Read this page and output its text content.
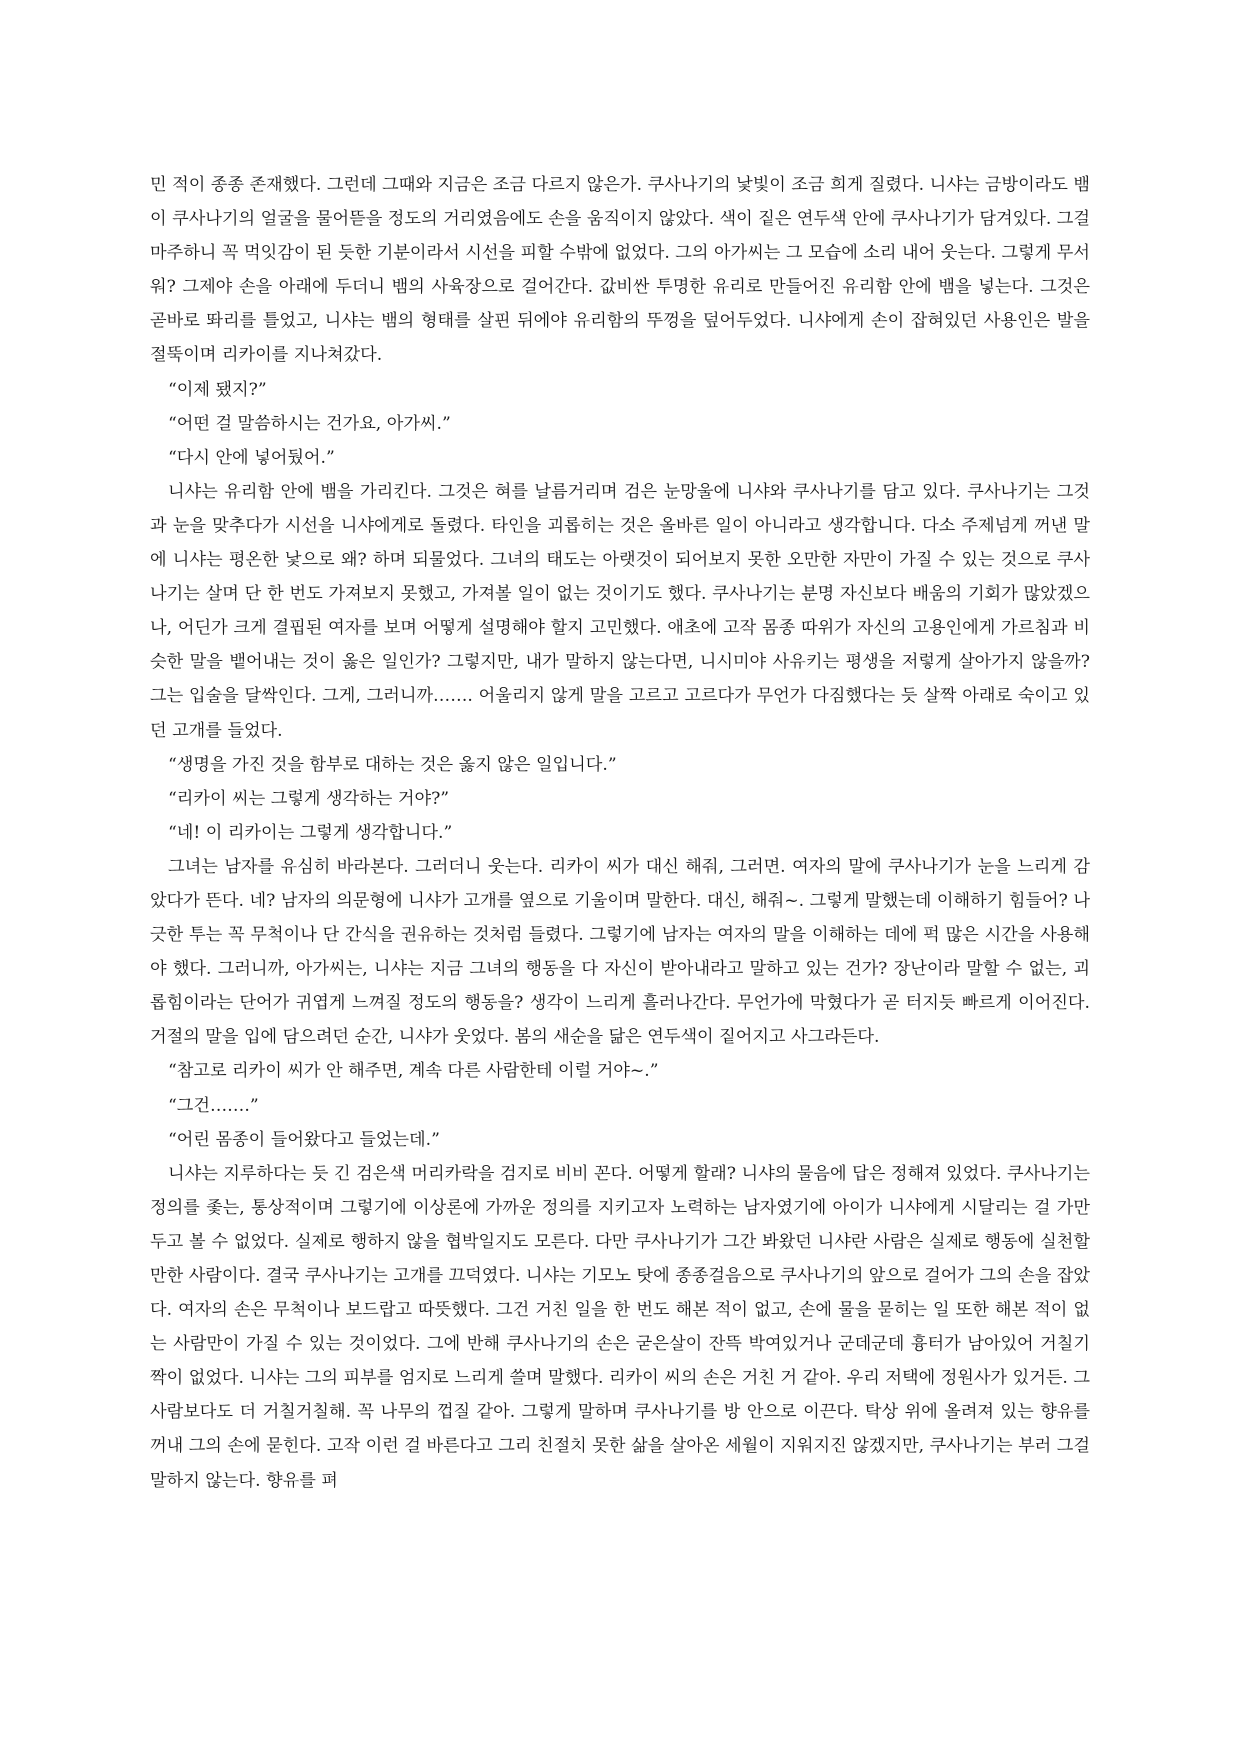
민 적이 종종 존재했다. 그런데 그때와 지금은 조금 다르지 않은가. 쿠사나기의 낯빛이 조금 희게 질렸다. 니샤는 금방이라도 뱀이 쿠사나기의 얼굴을 물어뜯을 정도의 거리였음에도 손을 움직이지 않았다. 색이 짙은 연두색 안에 쿠사나기가 담겨있다. 그걸 마주하니 꼭 먹잇감이 된 듯한 기분이라서 시선을 피할 수밖에 없었다. 그의 아가씨는 그 모습에 소리 내어 웃는다. 그렇게 무서워? 그제야 손을 아래에 두더니 뱀의 사육장으로 걸어간다. 값비싼 투명한 유리로 만들어진 유리함 안에 뱀을 넣는다. 그것은 곧바로 똬리를 틀었고, 니샤는 뱀의 형태를 살핀 뒤에야 유리함의 뚜껑을 덮어두었다. 니샤에게 손이 잡혀있던 사용인은 발을 절뚝이며 리카이를 지나쳐갔다.

“이제 됐지?”

“어떤 걸 말씀하시는 건가요, 아가씨.”

“다시 안에 넣어뒀어.”

니샤는 유리함 안에 뱀을 가리킨다. 그것은 혀를 날름거리며 검은 눈망울에 니샤와 쿠사나기를 담고 있다. 쿠사나기는 그것과 눈을 맞추다가 시선을 니샤에게로 돌렸다. 타인을 괴롭히는 것은 올바른 일이 아니라고 생각합니다. 다소 주제넘게 꺼낸 말에 니샤는 평온한 낯으로 왜? 하며 되물었다. 그녀의 태도는 아랫것이 되어보지 못한 오만한 자만이 가질 수 있는 것으로 쿠사나기는 살며 단 한 번도 가져보지 못했고, 가져볼 일이 없는 것이기도 했다. 쿠사나기는 분명 자신보다 배움의 기회가 많았겠으나, 어딘가 크게 결핍된 여자를 보며 어떻게 설명해야 할지 고민했다. 애초에 고작 몸종 따위가 자신의 고용인에게 가르침과 비슷한 말을 뱉어내는 것이 옳은 일인가? 그렇지만, 내가 말하지 않는다면, 니시미야 사유키는 평생을 저렇게 살아가지 않을까? 그는 입술을 달싹인다. 그게, 그러니까……. 어울리지 않게 말을 고르고 고르다가 무언가 다짐했다는 듯 살짝 아래로 숙이고 있던 고개를 들었다.

“생명을 가진 것을 함부로 대하는 것은 옳지 않은 일입니다.”

“리카이 씨는 그렇게 생각하는 거야?”

“네! 이 리카이는 그렇게 생각합니다.”

그녀는 남자를 유심히 바라본다. 그러더니 웃는다. 리카이 씨가 대신 해줘, 그러면. 여자의 말에 쿠사나기가 눈을 느리게 감았다가 뜬다. 네? 남자의 의문형에 니샤가 고개를 옆으로 기울이며 말한다. 대신, 해줘~. 그렇게 말했는데 이해하기 힘들어? 나긋한 투는 꼭 무척이나 단 간식을 권유하는 것처럼 들렸다. 그렇기에 남자는 여자의 말을 이해하는 데에 퍽 많은 시간을 사용해야 했다. 그러니까, 아가씨는, 니샤는 지금 그녀의 행동을 다 자신이 받아내라고 말하고 있는 건가? 장난이라 말할 수 없는, 괴롭힘이라는 단어가 귀엽게 느껴질 정도의 행동을? 생각이 느리게 흘러나간다. 무언가에 막혔다가 곧 터지듯 빠르게 이어진다. 거절의 말을 입에 담으려던 순간, 니샤가 웃었다. 봄의 새순을 닮은 연두색이 짙어지고 사그라든다.

“참고로 리카이 씨가 안 해주면, 계속 다른 사람한테 이럴 거야~.”

“그건…….”

“어린 몸종이 들어왔다고 들었는데.”

니샤는 지루하다는 듯 긴 검은색 머리카락을 검지로 비비 꼰다. 어떻게 할래? 니샤의 물음에 답은 정해져 있었다. 쿠사나기는 정의를 좇는, 통상적이며 그렇기에 이상론에 가까운 정의를 지키고자 노력하는 남자였기에 아이가 니샤에게 시달리는 걸 가만두고 볼 수 없었다. 실제로 행하지 않을 협박일지도 모른다. 다만 쿠사나기가 그간 봐왔던 니샤란 사람은 실제로 행동에 실천할 만한 사람이다. 결국 쿠사나기는 고개를 끄덕였다. 니샤는 기모노 탓에 종종걸음으로 쿠사나기의 앞으로 걸어가 그의 손을 잡았다. 여자의 손은 무척이나 보드랍고 따뜻했다. 그건 거친 일을 한 번도 해본 적이 없고, 손에 물을 묻히는 일 또한 해본 적이 없는 사람만이 가질 수 있는 것이었다. 그에 반해 쿠사나기의 손은 굳은살이 잔뜩 박여있거나 군데군데 흉터가 남아있어 거칠기 짝이 없었다. 니샤는 그의 피부를 엄지로 느리게 쓸며 말했다. 리카이 씨의 손은 거친 거 같아. 우리 저택에 정원사가 있거든. 그 사람보다도 더 거칠거칠해. 꼭 나무의 껍질 같아. 그렇게 말하며 쿠사나기를 방 안으로 이끈다. 탁상 위에 올려져 있는 향유를 꺼내 그의 손에 묻힌다. 고작 이런 걸 바른다고 그리 친절치 못한 삶을 살아온 세월이 지워지진 않겠지만, 쿠사나기는 부러 그걸 말하지 않는다. 향유를 펴
